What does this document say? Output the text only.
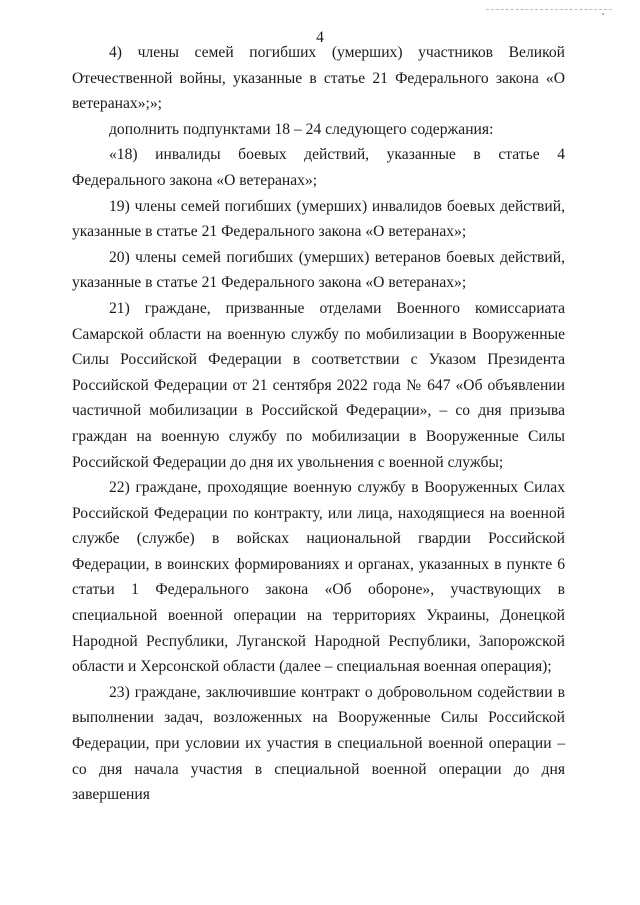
4

4) члены семей погибших (умерших) участников Великой Отечественной войны, указанные в статье 21 Федерального закона «О ветеранах»;»;

дополнить подпунктами 18 – 24 следующего содержания:

«18) инвалиды боевых действий, указанные в статье 4 Федерального закона «О ветеранах»;

19) члены семей погибших (умерших) инвалидов боевых действий, указанные в статье 21 Федерального закона «О ветеранах»;

20) члены семей погибших (умерших) ветеранов боевых действий, указанные в статье 21 Федерального закона «О ветеранах»;

21) граждане, призванные отделами Военного комиссариата Самарской области на военную службу по мобилизации в Вооруженные Силы Российской Федерации в соответствии с Указом Президента Российской Федерации от 21 сентября 2022 года № 647 «Об объявлении частичной мобилизации в Российской Федерации», – со дня призыва граждан на военную службу по мобилизации в Вооруженные Силы Российской Федерации до дня их увольнения с военной службы;

22) граждане, проходящие военную службу в Вооруженных Силах Российской Федерации по контракту, или лица, находящиеся на военной службе (службе) в войсках национальной гвардии Российской Федерации, в воинских формированиях и органах, указанных в пункте 6 статьи 1 Федерального закона «Об обороне», участвующих в специальной военной операции на территориях Украины, Донецкой Народной Республики, Луганской Народной Республики, Запорожской области и Херсонской области (далее – специальная военная операция);

23) граждане, заключившие контракт о добровольном содействии в выполнении задач, возложенных на Вооруженные Силы Российской Федерации, при условии их участия в специальной военной операции – со дня начала участия в специальной военной операции до дня завершения
